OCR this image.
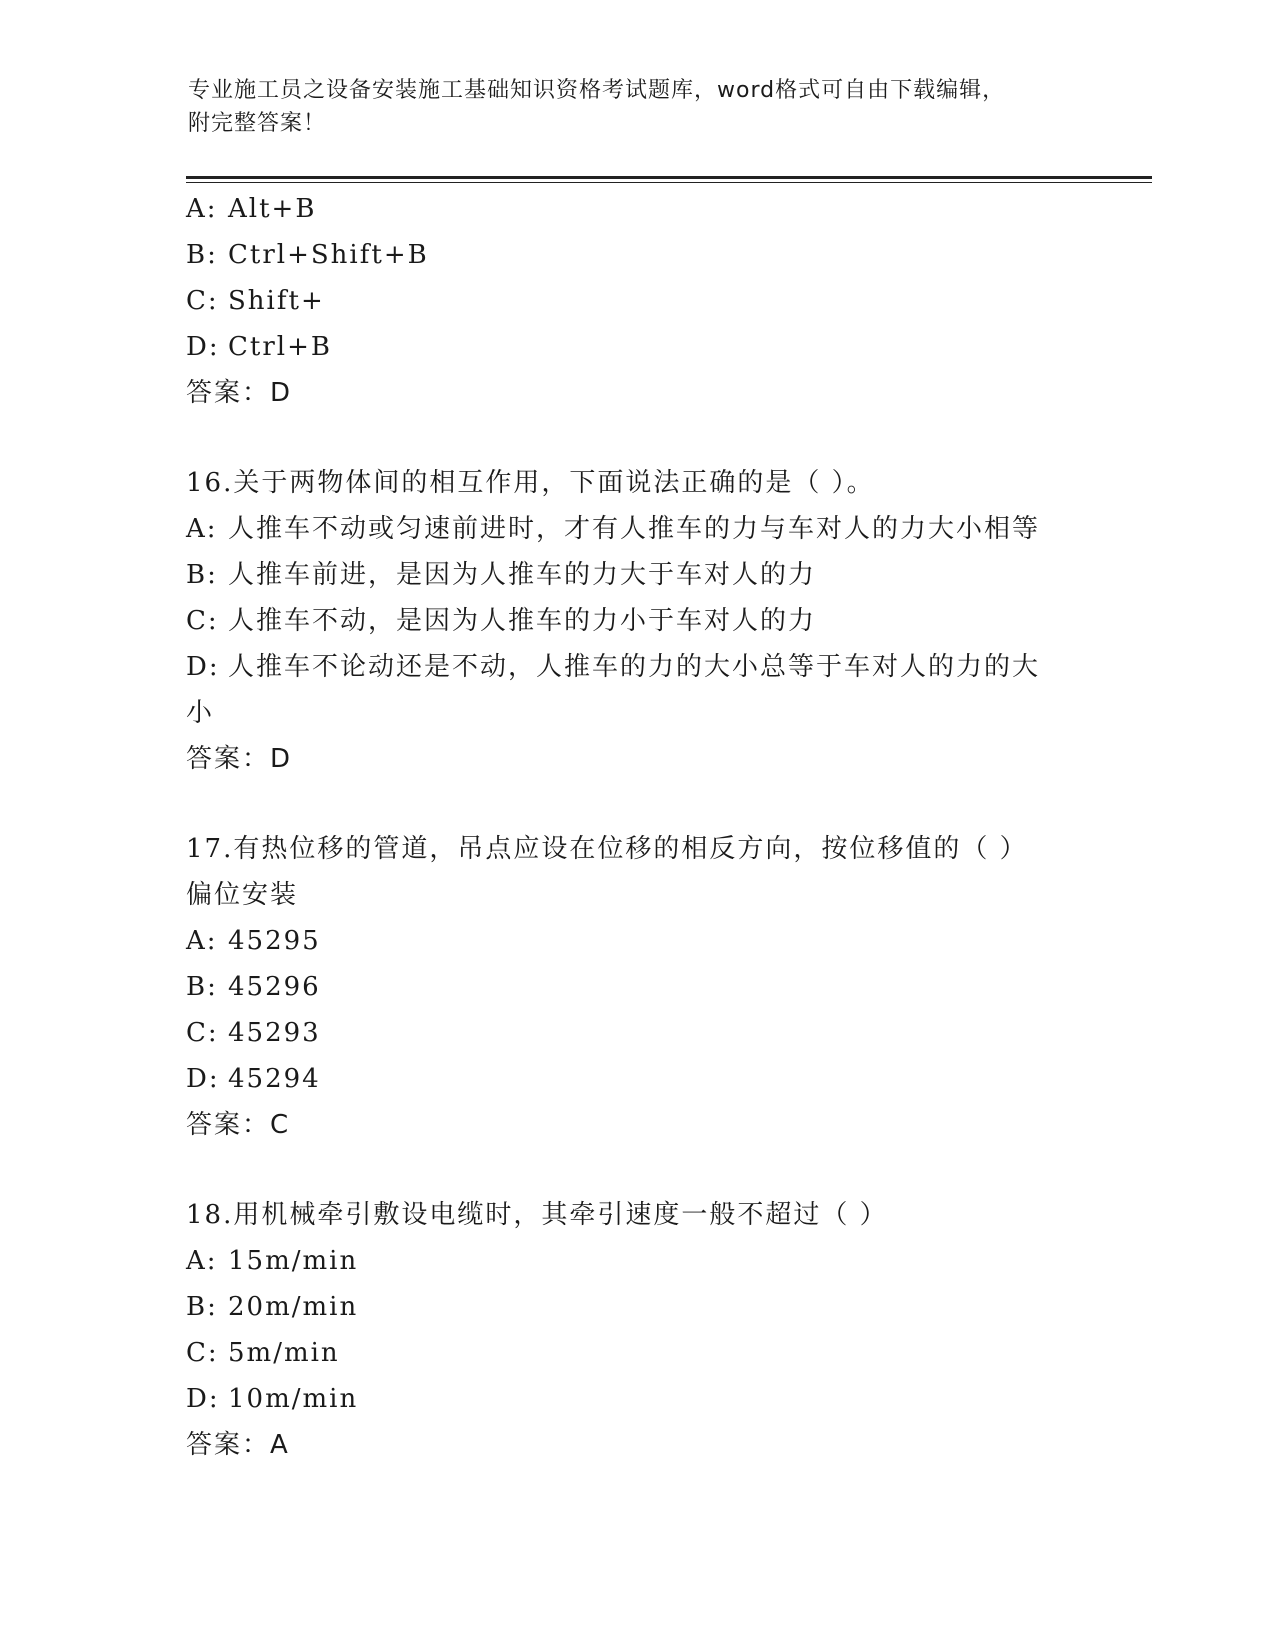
专业施工员之设备安装施工基础知识资格考试题库，word格式可自由下载编辑，
附完整答案！
A: Alt+B
B: Ctrl+Shift+B
C: Shift+
D: Ctrl+B
答案：D
16.关于两物体间的相互作用，下面说法正确的是（ ）。
A: 人推车不动或匀速前进时，才有人推车的力与车对人的力大小相等
B: 人推车前进，是因为人推车的力大于车对人的力
C: 人推车不动，是因为人推车的力小于车对人的力
D: 人推车不论动还是不动，人推车的力的大小总等于车对人的力的大
小
答案：D
17.有热位移的管道，吊点应设在位移的相反方向，按位移值的（ ）
偏位安装
A: 45295
B: 45296
C: 45293
D: 45294
答案：C
18.用机械牵引敷设电缆时，其牵引速度一般不超过（ ）
A: 15m/min
B: 20m/min
C: 5m/min
D: 10m/min
答案：A
